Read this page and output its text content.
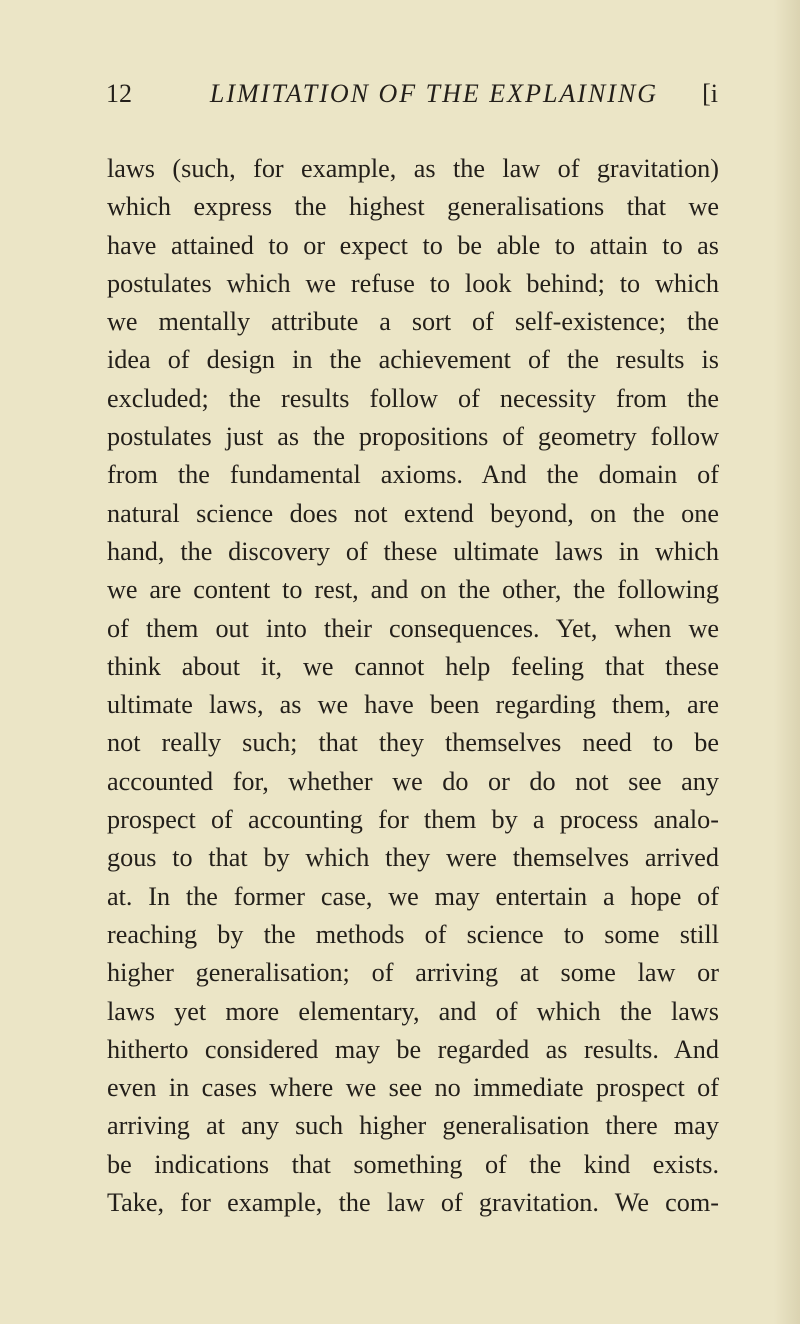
12	LIMITATION OF THE EXPLAINING	[i
laws (such, for example, as the law of gravitation)
which express the highest generalisations that we
have attained to or expect to be able to attain to as
postulates which we refuse to look behind; to which
we mentally attribute a sort of self-existence; the
idea of design in the achievement of the results is
excluded; the results follow of necessity from the
postulates just as the propositions of geometry follow
from the fundamental axioms. And the domain of
natural science does not extend beyond, on the one
hand, the discovery of these ultimate laws in which
we are content to rest, and on the other, the following
of them out into their consequences. Yet, when we
think about it, we cannot help feeling that these
ultimate laws, as we have been regarding them, are
not really such; that they themselves need to be
accounted for, whether we do or do not see any
prospect of accounting for them by a process analo-
gous to that by which they were themselves arrived
at. In the former case, we may entertain a hope of
reaching by the methods of science to some still
higher generalisation; of arriving at some law or
laws yet more elementary, and of which the laws
hitherto considered may be regarded as results. And
even in cases where we see no immediate prospect of
arriving at any such higher generalisation there may
be indications that something of the kind exists.
Take, for example, the law of gravitation. We com-
